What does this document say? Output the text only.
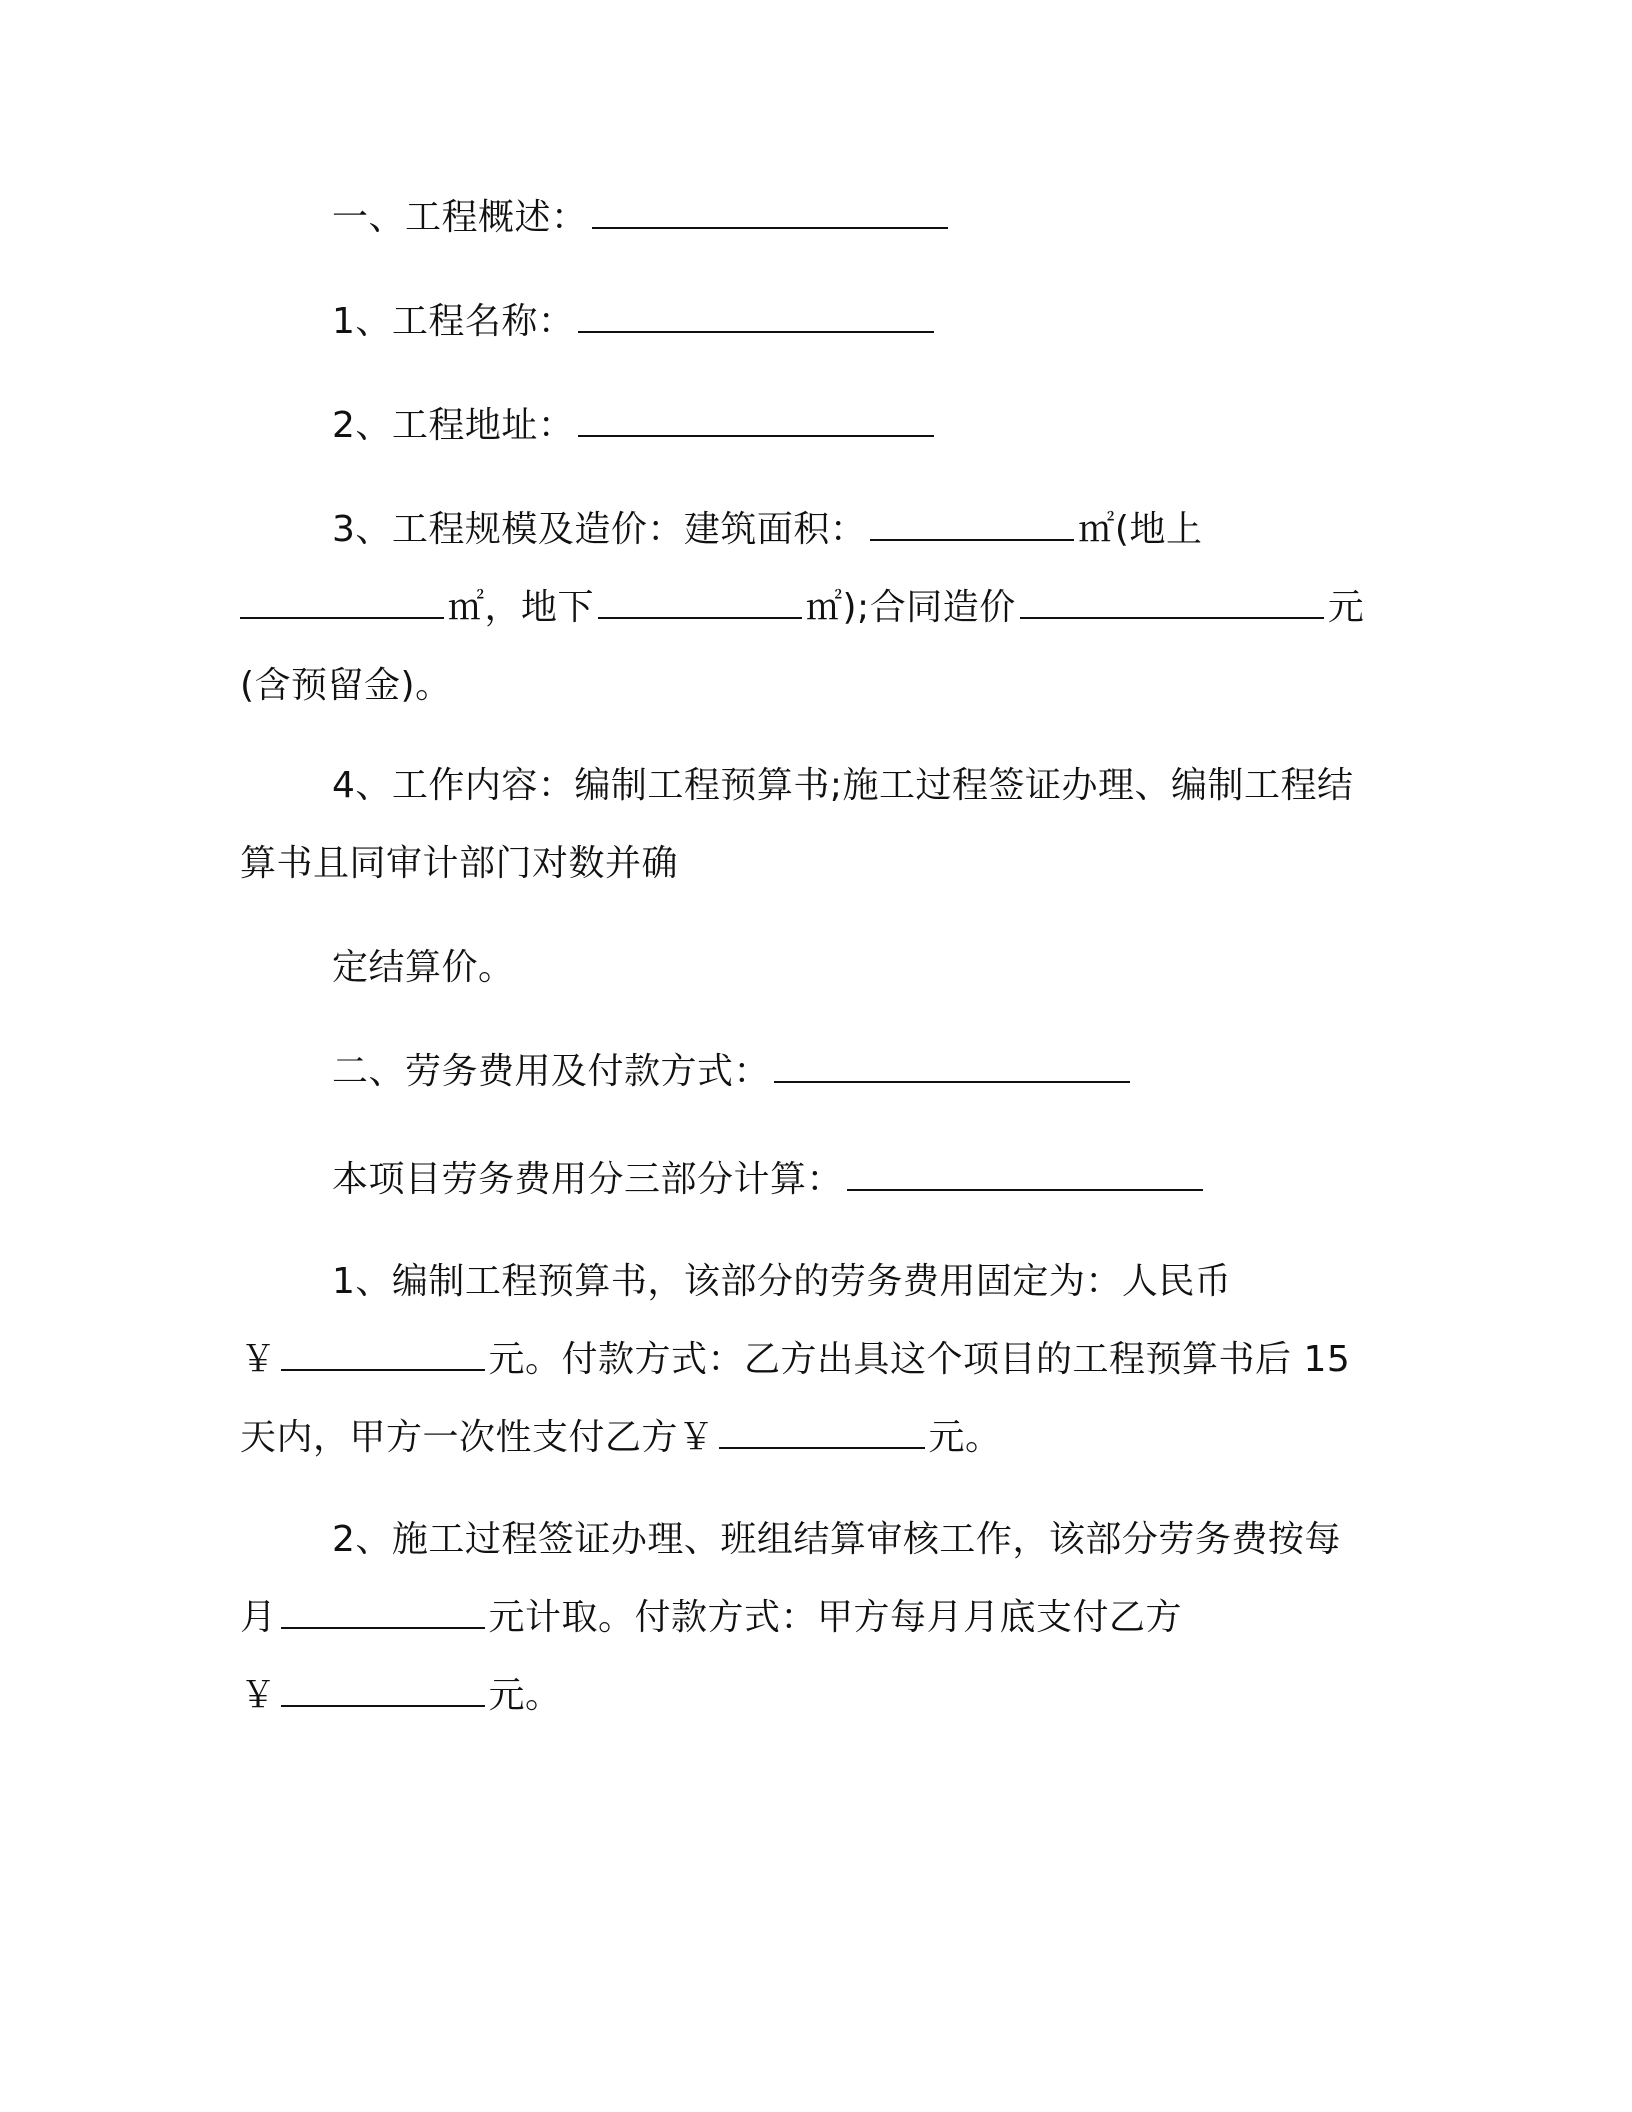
一、工程概述：
1、工程名称：
2、工程地址：
3、工程规模及造价：建筑面积：	㎡(地上
㎡，地下	㎡);合同造价	元
(含预留金)。
4、工作内容：编制工程预算书;施工过程签证办理、编制工程结
算书且同审计部门对数并确
定结算价。
二、劳务费用及付款方式：
本项目劳务费用分三部分计算：
1、编制工程预算书，该部分的劳务费用固定为：人民币
￥	元。付款方式：乙方出具这个项目的工程预算书后 15
天内，甲方一次性支付乙方￥	元。
2、施工过程签证办理、班组结算审核工作，该部分劳务费按每
月	元计取。付款方式：甲方每月月底支付乙方
￥	元。
